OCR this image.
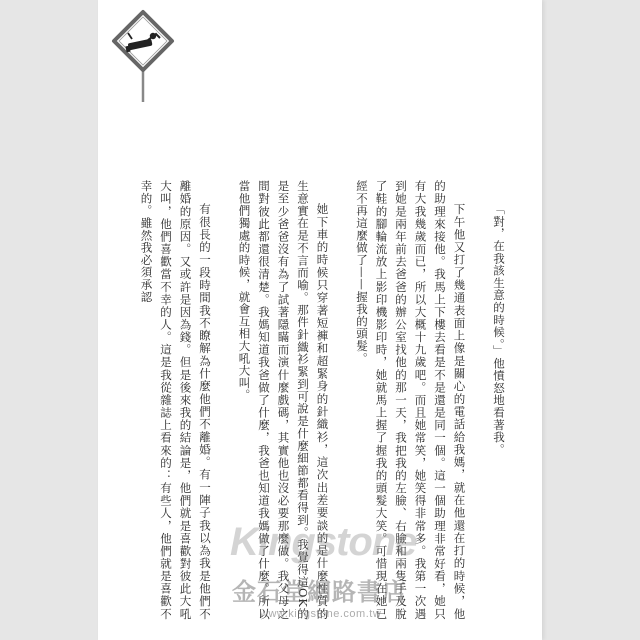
「對，在我該生意的時候。」他憤怒地看著我。

下午他又打了幾通表面上像是關心的電話給我媽，就在他還在打的時候，他的助理來接他。我馬上下樓去看是不是還是同一個。這一個助理非常好看，她只有大我幾歲而已，所以大概十九歲吧。而且她常笑，她笑得非常多。我第一次遇到她是兩年前去爸爸的辦公室找他的那一天，我把我的左臉、右臉和兩隻手及脫了鞋的腳輪流放上影印機影印時，她就馬上握了握我的頭髮大笑。可惜現在她已經不再這麼做了——握我的頭髮。

她下車的時候只穿著短褲和超緊身的針織衫，這次出差要談的是什麼性質的生意實在是不言而喻。那件針織衫緊到可說是什麼細節都看得到。我覺得這OK的是至少爸爸沒有為了試著隱瞞而演什麼戲碼，其實他也沒必要那麼做。我父母之間對彼此都還很清楚。我媽知道我爸做了什麼，我爸也知道我媽做了什麼。所以當他們獨處的時候，就會互相大吼大叫。

有很長的一段時間我不瞭解為什麼他們不離婚。有一陣子我以為我是他們不離婚的原因。又或許是因為錢。但是後來我的結論是，他們就是喜歡對彼此大吼大叫，他們喜歡當不幸的人。這是我從雜誌上看來的：有些人，他們就是喜歡不幸的。雖然我必須承認

Kingstone
金石堂網路書店
www.kingstone.com.tw
